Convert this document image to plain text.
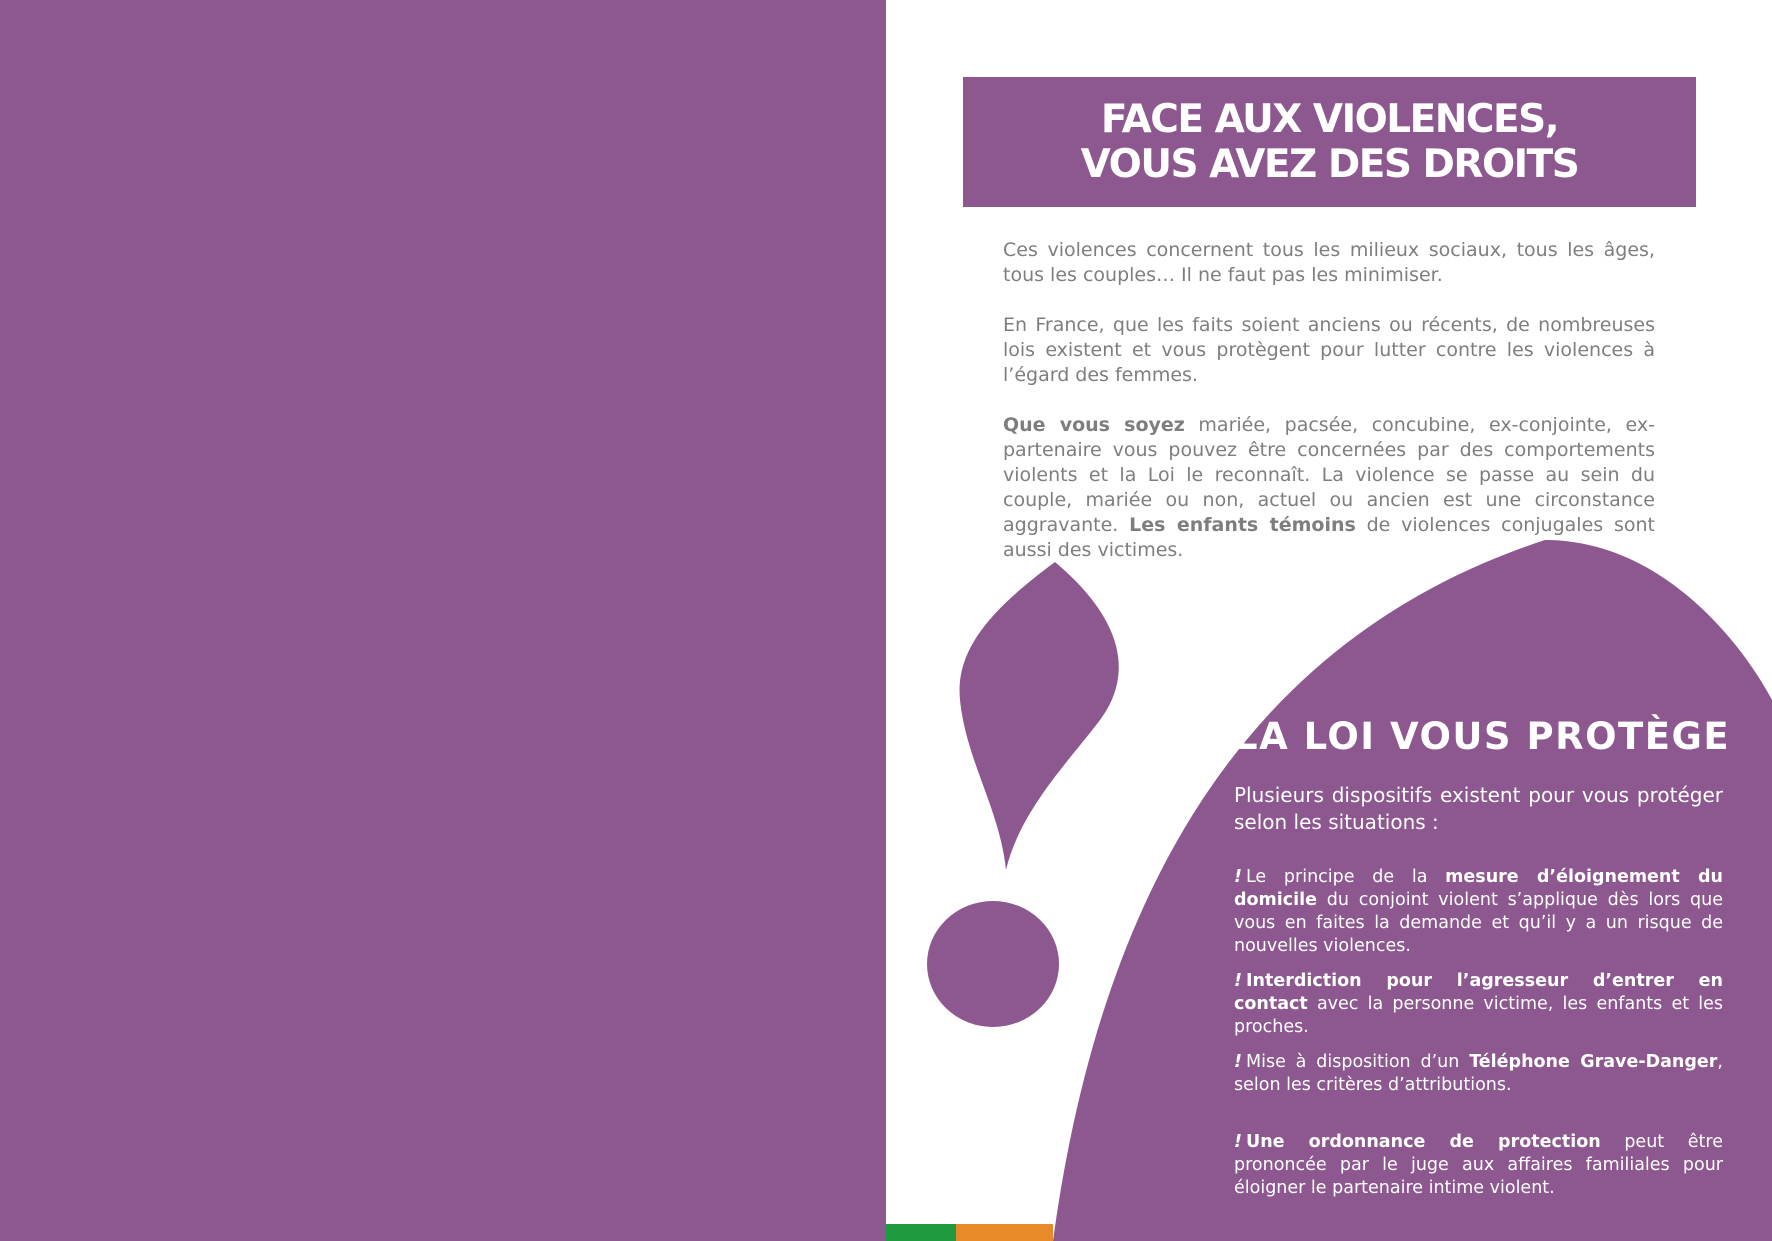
FACE AUX VIOLENCES,
VOUS AVEZ DES DROITS

Ces violences concernent tous les milieux sociaux, tous les âges, tous les couples… Il ne faut pas les minimiser.

En France, que les faits soient anciens ou récents, de nombreuses lois existent et vous protègent pour lutter contre les violences à l’égard des femmes.

Que vous soyez mariée, pacsée, concubine, ex-conjointe, ex-partenaire vous pouvez être concernées par des comportements violents et la Loi le reconnaît. La violence se passe au sein du couple, mariée ou non, actuel ou ancien est une circonstance aggravante. Les enfants témoins de violences conjugales sont aussi des victimes.

LA LOI VOUS PROTÈGE
Plusieurs dispositifs existent pour vous protéger selon les situations :
! Le principe de la mesure d’éloignement du domicile du conjoint violent s’applique dès lors que vous en faites la demande et qu’il y a un risque de nouvelles violences.
! Interdiction pour l’agresseur d’entrer en contact avec la personne victime, les enfants et les proches.
! Mise à disposition d’un Téléphone Grave-Danger, selon les critères d’attributions.
! Une ordonnance de protection peut être prononcée par le juge aux affaires familiales pour éloigner le partenaire intime violent.
